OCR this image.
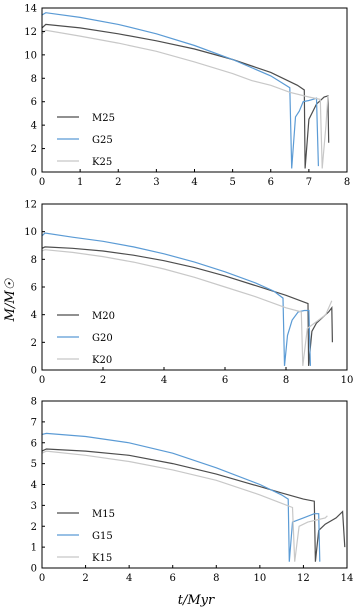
M/M☉
t/Myr
0	1	2	3	4	5	6	7	8
0
2
4
6
8
10
12
14
M25
G25
K25
0	2	4	6	8	10
0
2
4
6
8
10
12
M20
G20
K20
0	2	4	6	8	10	12	14
0
1
2
3
4
5
6
7
8
M15
G15
K15
